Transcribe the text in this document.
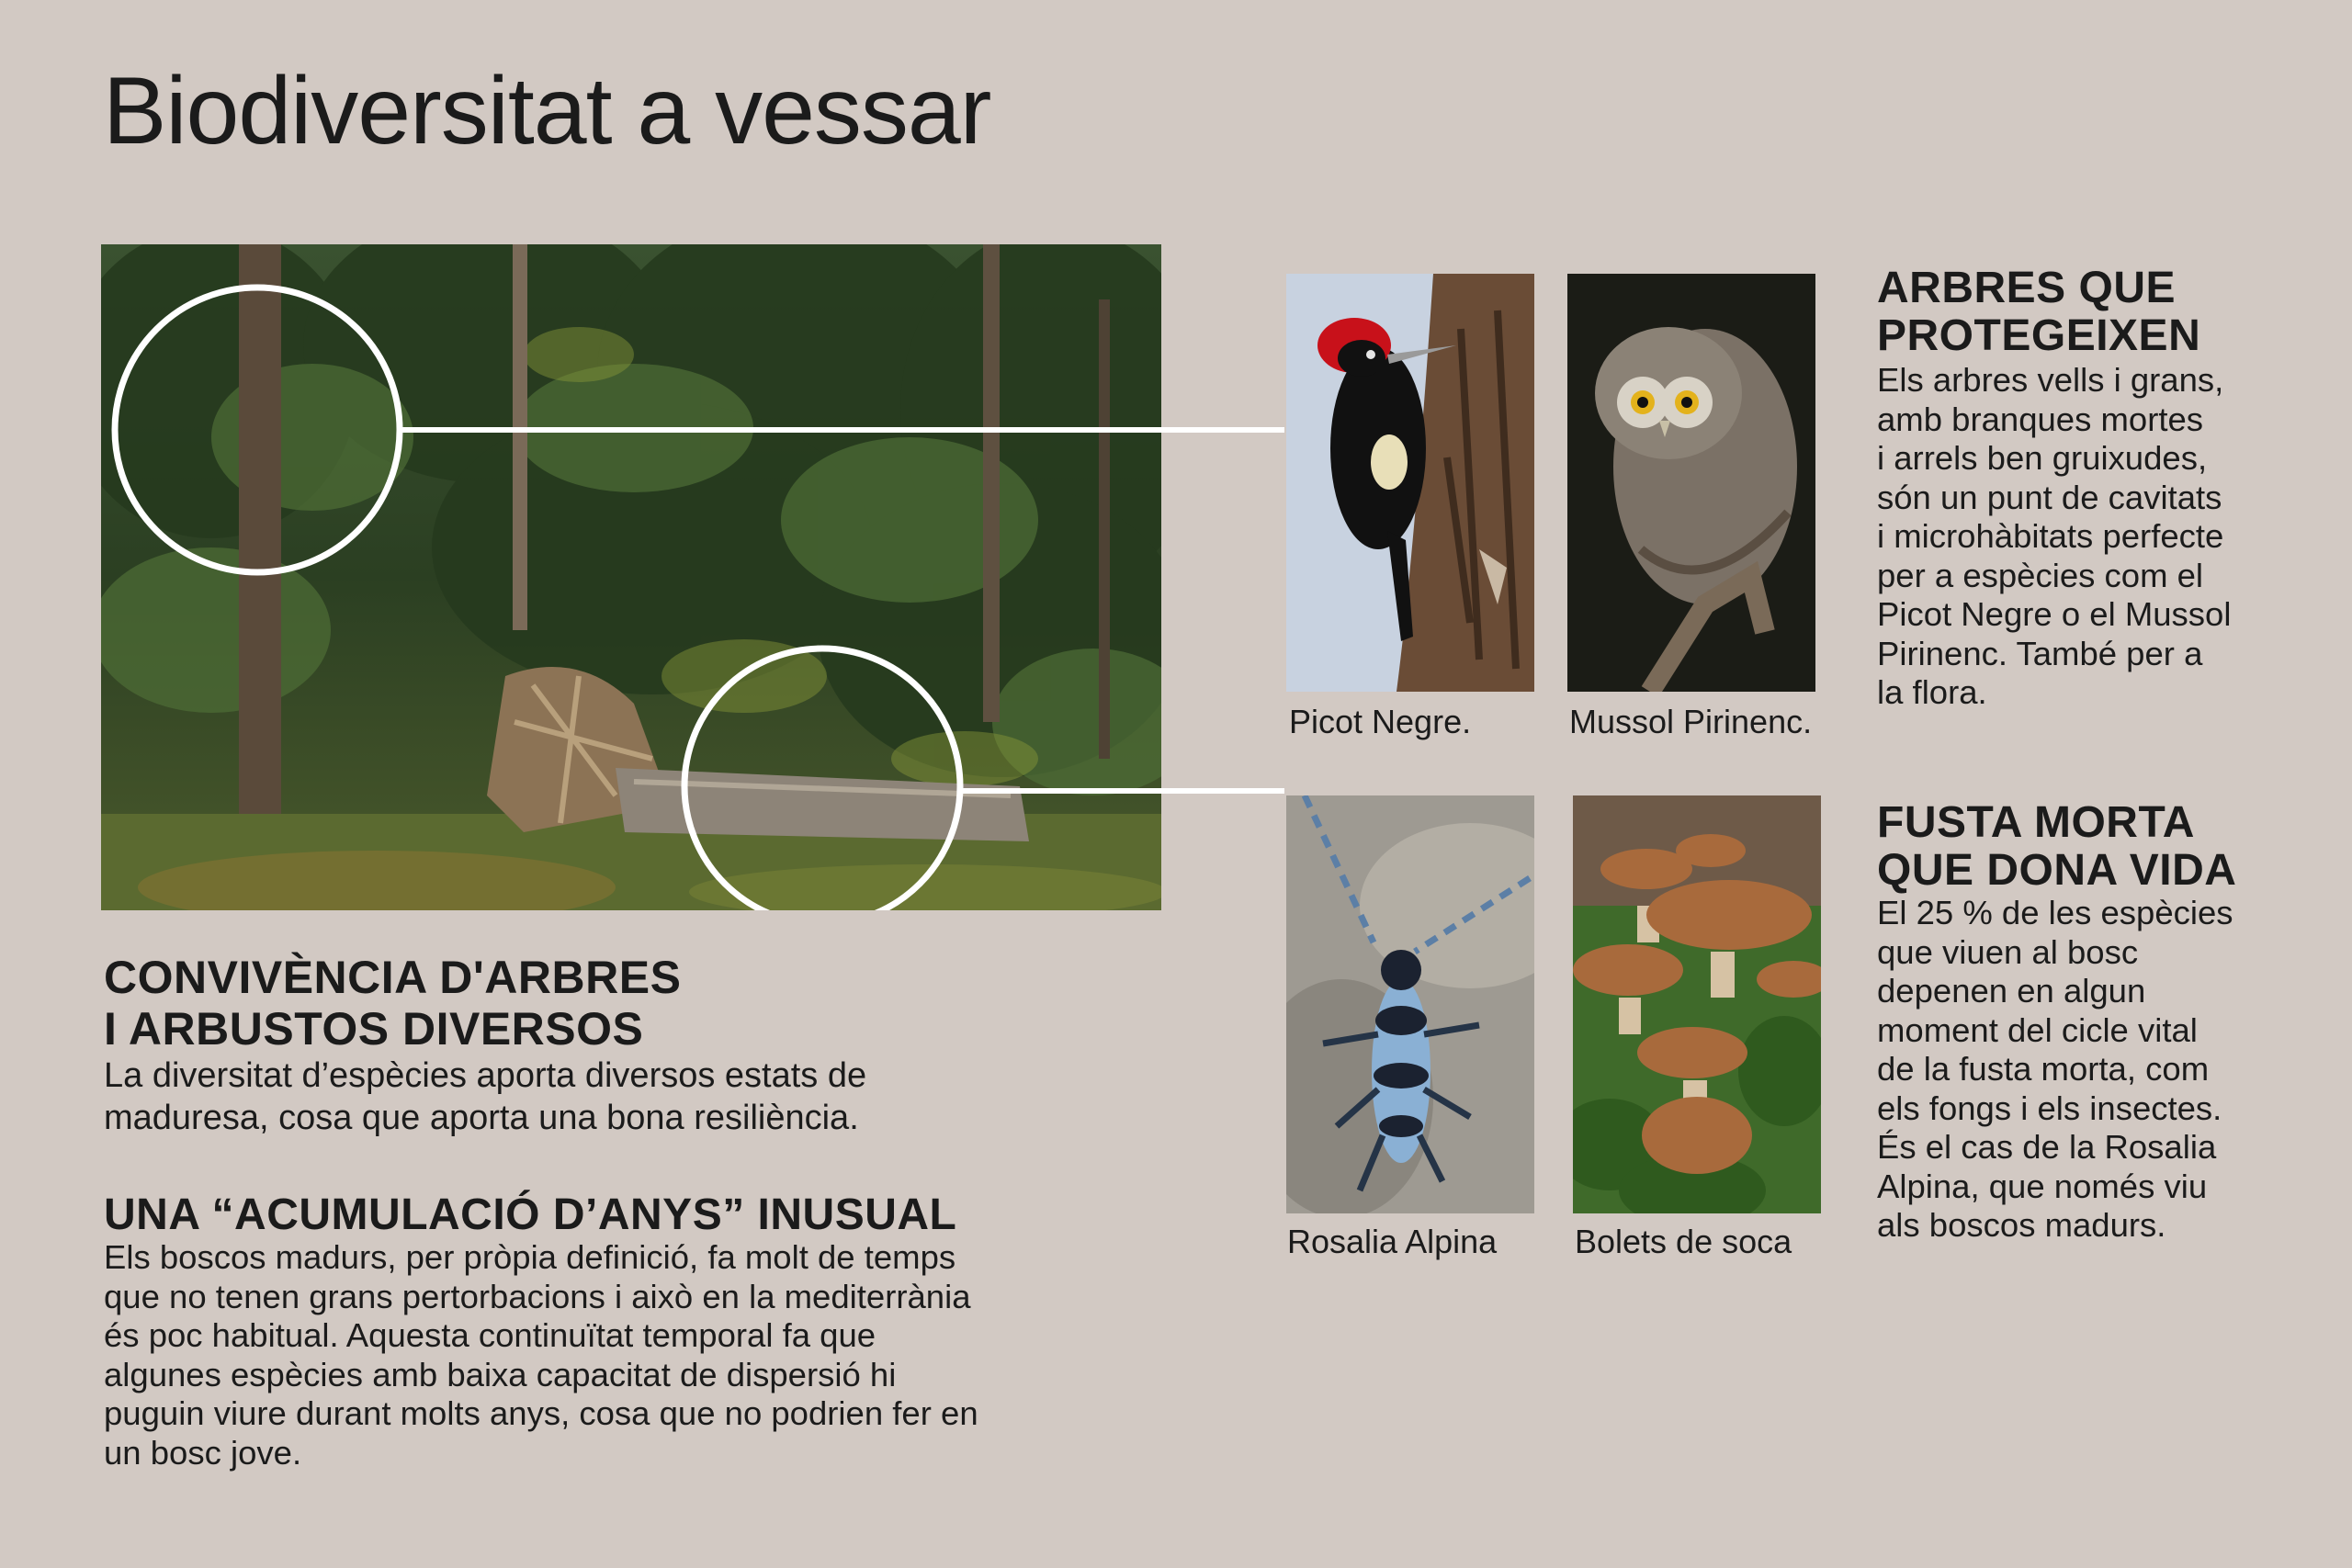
Biodiversitat a vessar
Picot Negre.	Mussol Pirinenc.
Rosalia Alpina Bolets de soca
ARBRES QUE
PROTEGEIXEN
Els arbres vells i grans,
amb branques mortes
i arrels ben gruixudes,
són un punt de cavitats
i microhàbitats perfecte
per a espècies com el
Picot Negre o el Mussol
Pirinenc. També per a
la flora.
FUSTA MORTA
QUE DONA VIDA
El 25 % de les espècies
que viuen al bosc
depenen en algun
moment del cicle vital
de la fusta morta, com
els fongs i els insectes.
És el cas de la Rosalia
Alpina, que només viu
als boscos madurs.
CONVIVÈNCIA D'ARBRES
I ARBUSTOS DIVERSOS
La diversitat d’espècies aporta diversos estats de
maduresa, cosa que aporta una bona resiliència.
UNA “ACUMULACIÓ D’ANYS” INUSUAL
Els boscos madurs, per pròpia definició, fa molt de temps
que no tenen grans pertorbacions i això en la mediterrània
és poc habitual. Aquesta continuïtat temporal fa que
algunes espècies amb baixa capacitat de dispersió hi
puguin viure durant molts anys, cosa que no podrien fer en
un bosc jove.
